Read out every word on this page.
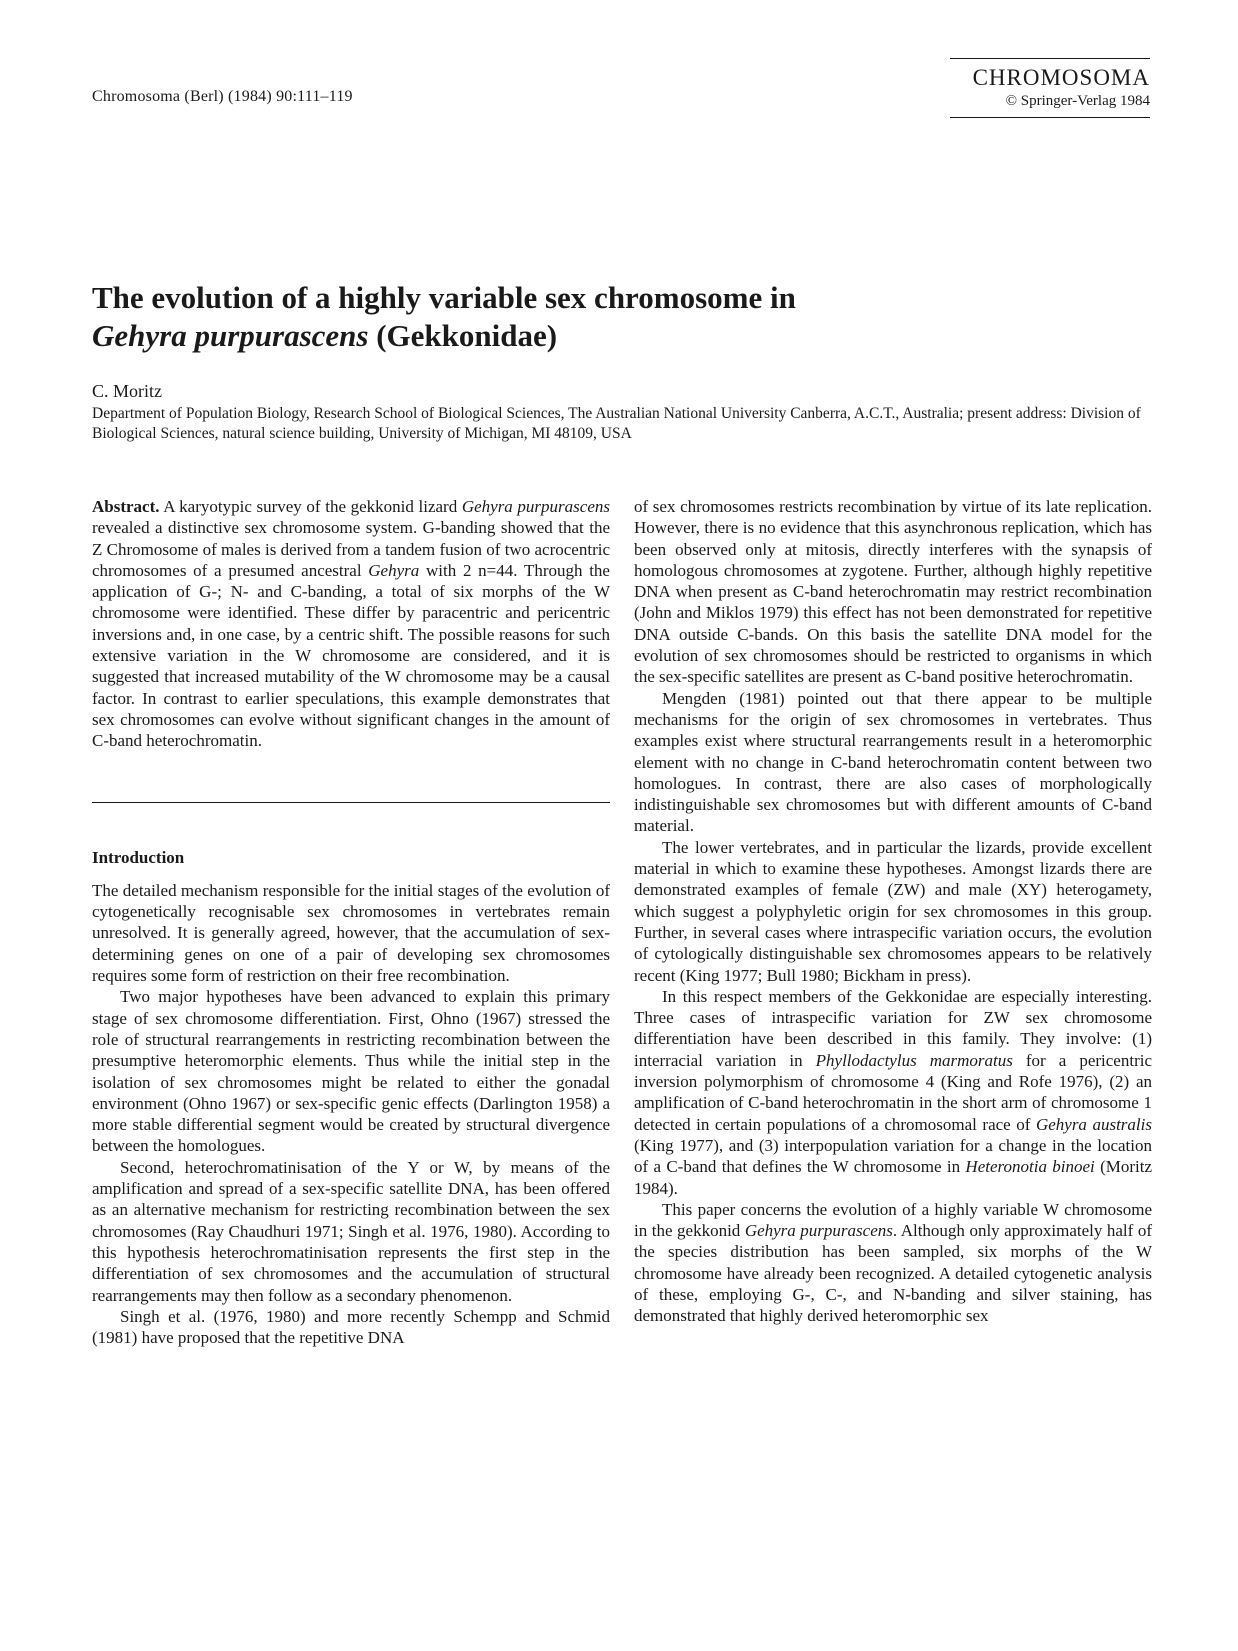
Chromosoma (Berl) (1984) 90:111–119
CHROMOSOMA
© Springer-Verlag 1984
The evolution of a highly variable sex chromosome in
Gehyra purpurascens (Gekkonidae)
C. Moritz
Department of Population Biology, Research School of Biological Sciences, The Australian National University Canberra, A.C.T., Australia; present address: Division of Biological Sciences, natural science building, University of Michigan, MI 48109, USA

Abstract. A karyotypic survey of the gekkonid lizard Gehyra purpurascens revealed a distinctive sex chromosome system. G-banding showed that the Z Chromosome of males is derived from a tandem fusion of two acrocentric chromosomes of a presumed ancestral Gehyra with 2 n=44. Through the application of G-; N- and C-banding, a total of six morphs of the W chromosome were identified. These differ by paracentric and pericentric inversions and, in one case, by a centric shift. The possible reasons for such extensive variation in the W chromosome are considered, and it is suggested that increased mutability of the W chromosome may be a causal factor. In contrast to earlier speculations, this example demonstrates that sex chromosomes can evolve without significant changes in the amount of C-band heterochromatin.

Introduction

The detailed mechanism responsible for the initial stages of the evolution of cytogenetically recognisable sex chromosomes in vertebrates remain unresolved. It is generally agreed, however, that the accumulation of sex-determining genes on one of a pair of developing sex chromosomes requires some form of restriction on their free recombination.

Two major hypotheses have been advanced to explain this primary stage of sex chromosome differentiation. First, Ohno (1967) stressed the role of structural rearrangements in restricting recombination between the presumptive heteromorphic elements. Thus while the initial step in the isolation of sex chromosomes might be related to either the gonadal environment (Ohno 1967) or sex-specific genic effects (Darlington 1958) a more stable differential segment would be created by structural divergence between the homologues.

Second, heterochromatinisation of the Y or W, by means of the amplification and spread of a sex-specific satellite DNA, has been offered as an alternative mechanism for restricting recombination between the sex chromosomes (Ray Chaudhuri 1971; Singh et al. 1976, 1980). According to this hypothesis heterochromatinisation represents the first step in the differentiation of sex chromosomes and the accumulation of structural rearrangements may then follow as a secondary phenomenon.

Singh et al. (1976, 1980) and more recently Schempp and Schmid (1981) have proposed that the repetitive DNA

of sex chromosomes restricts recombination by virtue of its late replication. However, there is no evidence that this asynchronous replication, which has been observed only at mitosis, directly interferes with the synapsis of homologous chromosomes at zygotene. Further, although highly repetitive DNA when present as C-band heterochromatin may restrict recombination (John and Miklos 1979) this effect has not been demonstrated for repetitive DNA outside C-bands. On this basis the satellite DNA model for the evolution of sex chromosomes should be restricted to organisms in which the sex-specific satellites are present as C-band positive heterochromatin.

Mengden (1981) pointed out that there appear to be multiple mechanisms for the origin of sex chromosomes in vertebrates. Thus examples exist where structural rearrangements result in a heteromorphic element with no change in C-band heterochromatin content between two homologues. In contrast, there are also cases of morphologically indistinguishable sex chromosomes but with different amounts of C-band material.

The lower vertebrates, and in particular the lizards, provide excellent material in which to examine these hypotheses. Amongst lizards there are demonstrated examples of female (ZW) and male (XY) heterogamety, which suggest a polyphyletic origin for sex chromosomes in this group. Further, in several cases where intraspecific variation occurs, the evolution of cytologically distinguishable sex chromosomes appears to be relatively recent (King 1977; Bull 1980; Bickham in press).

In this respect members of the Gekkonidae are especially interesting. Three cases of intraspecific variation for ZW sex chromosome differentiation have been described in this family. They involve: (1) interracial variation in Phyllodactylus marmoratus for a pericentric inversion polymorphism of chromosome 4 (King and Rofe 1976), (2) an amplification of C-band heterochromatin in the short arm of chromosome 1 detected in certain populations of a chromosomal race of Gehyra australis (King 1977), and (3) interpopulation variation for a change in the location of a C-band that defines the W chromosome in Heteronotia binoei (Moritz 1984).

This paper concerns the evolution of a highly variable W chromosome in the gekkonid Gehyra purpurascens. Although only approximately half of the species distribution has been sampled, six morphs of the W chromosome have already been recognized. A detailed cytogenetic analysis of these, employing G-, C-, and N-banding and silver staining, has demonstrated that highly derived heteromorphic sex
